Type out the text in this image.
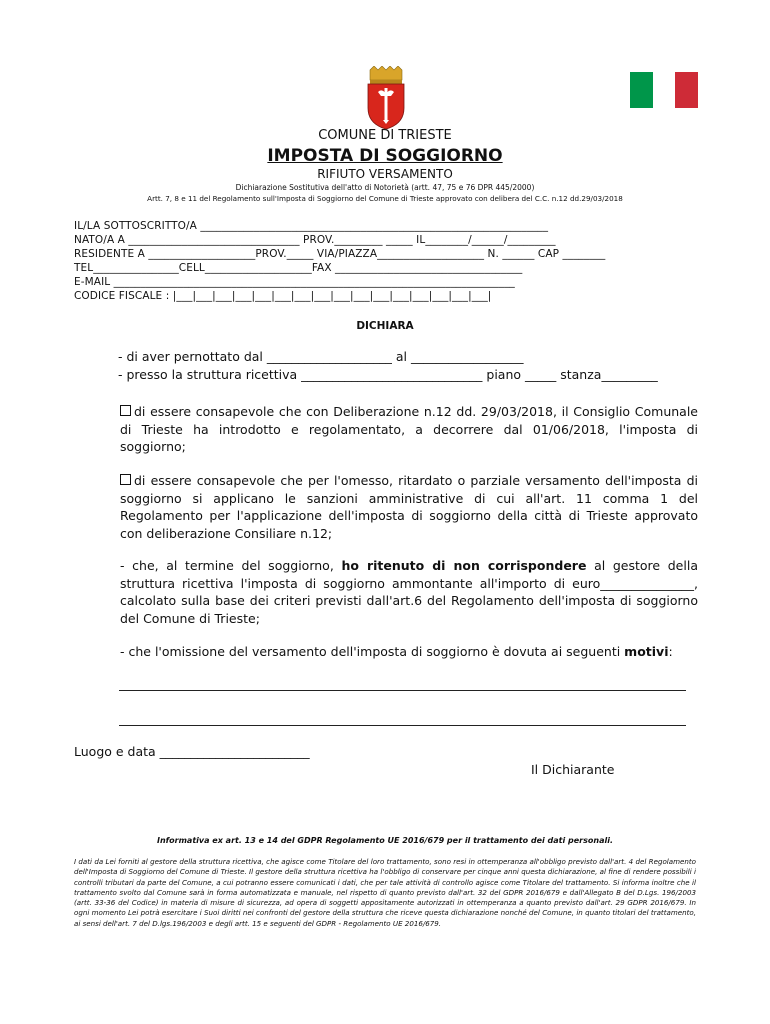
COMUNE DI TRIESTE
IMPOSTA DI SOGGIORNO
RIFIUTO VERSAMENTO
Dichiarazione Sostitutiva dell'atto di Notorietà (artt. 47, 75 e 76 DPR 445/2000)
Artt. 7, 8 e 11 del Regolamento sull'Imposta di Soggiorno del Comune di Trieste approvato con delibera del C.C. n.12 dd.29/03/2018
IL/LA SOTTOSCRITTO/A _________________________________________________________________
NATO/A A ________________________________ PROV._________ _____ IL________/______/_________
RESIDENTE A ____________________PROV._____ VIA/PIAZZA____________________ N. ______ CAP ________
TEL________________CELL____________________FAX ___________________________________
E-MAIL ___________________________________________________________________________
CODICE FISCALE : |___|___|___|___|___|___|___|___|___|___|___|___|___|___|___|___|
DICHIARA
- di aver pernottato dal ____________________ al __________________
- presso la struttura ricettiva _____________________________ piano _____ stanza_________
di essere consapevole che con Deliberazione n.12 dd. 29/03/2018, il Consiglio Comunale di Trieste ha introdotto e regolamentato, a decorrere dal 01/06/2018, l'imposta di soggiorno;
di essere consapevole che per l'omesso, ritardato o parziale versamento dell'imposta di soggiorno si applicano le sanzioni amministrative di cui all'art. 11 comma 1 del Regolamento per l'applicazione dell'imposta di soggiorno della città di Trieste approvato con deliberazione Consiliare n.12;
- che, al termine del soggiorno, ho ritenuto di non corrispondere al gestore della struttura ricettiva l'imposta di soggiorno ammontante all'importo di euro_______________, calcolato sulla base dei criteri previsti dall'art.6 del Regolamento dell'imposta di soggiorno del Comune di Trieste;
- che l'omissione del versamento dell'imposta di soggiorno è dovuta ai seguenti motivi:
Luogo e data ________________________
Il Dichiarante
Informativa ex art. 13 e 14 del GDPR Regolamento UE 2016/679 per il trattamento dei dati personali.
I dati da Lei forniti al gestore della struttura ricettiva, che agisce come Titolare del loro trattamento, sono resi in ottemperanza all'obbligo previsto dall'art. 4 del Regolamento dell'Imposta di Soggiorno del Comune di Trieste. Il gestore della struttura ricettiva ha l'obbligo di conservare per cinque anni questa dichiarazione, al fine di rendere possibili i controlli tributari da parte del Comune, a cui potranno essere comunicati i dati, che per tale attività di controllo agisce come Titolare del trattamento. Si informa inoltre che il trattamento svolto dal Comune sarà in forma automatizzata e manuale, nel rispetto di quanto previsto dall'art. 32 del GDPR 2016/679 e dall'Allegato B del D.Lgs. 196/2003 (artt. 33-36 del Codice) in materia di misure di sicurezza, ad opera di soggetti appositamente autorizzati in ottemperanza a quanto previsto dall'art. 29 GDPR 2016/679. In ogni momento Lei potrà esercitare i Suoi diritti nei confronti del gestore della struttura che riceve questa dichiarazione nonché del Comune, in quanto titolari del trattamento, ai sensi dell'art. 7 del D.lgs.196/2003 e degli artt. 15 e seguenti del GDPR - Regolamento UE 2016/679.
